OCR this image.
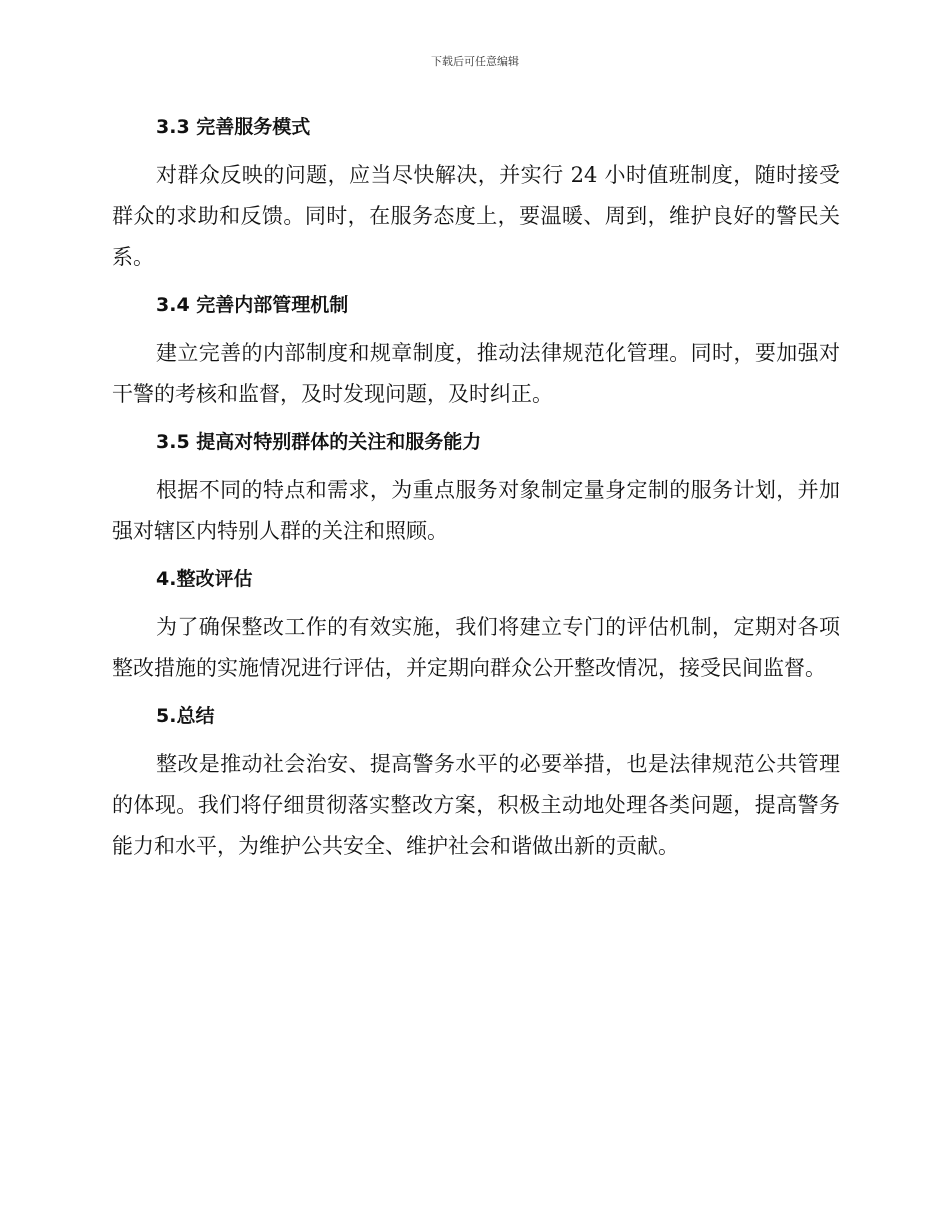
下载后可任意编辑
3.3 完善服务模式

对群众反映的问题，应当尽快解决，并实行 24 小时值班制度，随时接受群众的求助和反馈。同时，在服务态度上，要温暖、周到，维护良好的警民关系。

3.4 完善内部管理机制

建立完善的内部制度和规章制度，推动法律规范化管理。同时，要加强对干警的考核和监督，及时发现问题，及时纠正。

3.5 提高对特别群体的关注和服务能力

根据不同的特点和需求，为重点服务对象制定量身定制的服务计划，并加强对辖区内特别人群的关注和照顾。

4.整改评估

为了确保整改工作的有效实施，我们将建立专门的评估机制，定期对各项整改措施的实施情况进行评估，并定期向群众公开整改情况，接受民间监督。

5.总结

整改是推动社会治安、提高警务水平的必要举措，也是法律规范公共管理的体现。我们将仔细贯彻落实整改方案，积极主动地处理各类问题，提高警务能力和水平，为维护公共安全、维护社会和谐做出新的贡献。
